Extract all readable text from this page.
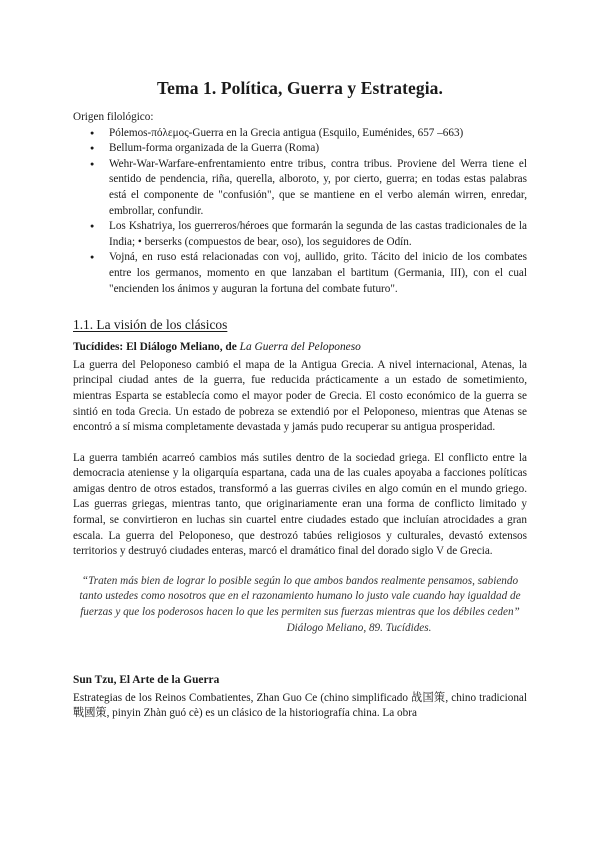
Tema 1. Política, Guerra y Estrategia.

Origen filológico:

● Pólemos-πόλεμος-Guerra en la Grecia antigua (Esquilo, Euménides, 657 –663)
● Bellum-forma organizada de la Guerra (Roma)
● Wehr-War-Warfare-enfrentamiento entre tribus, contra tribus. Proviene del Werra tiene el sentido de pendencia, riña, querella, alboroto, y, por cierto, guerra; en todas estas palabras está el componente de "confusión", que se mantiene en el verbo alemán wirren, enredar, embrollar, confundir.
● Los Kshatriya, los guerreros/héroes que formarán la segunda de las castas tradicionales de la India; • berserks (compuestos de bear, oso), los seguidores de Odín.
● Vojná, en ruso está relacionadas con voj, aullido, grito. Tácito del inicio de los combates entre los germanos, momento en que lanzaban el bartitum (Germania, III), con el cual "encienden los ánimos y auguran la fortuna del combate futuro".
1.1. La visión de los clásicos

Tucídides: El Diálogo Meliano, de La Guerra del Peloponeso

La guerra del Peloponeso cambió el mapa de la Antigua Grecia. A nivel internacional, Atenas, la principal ciudad antes de la guerra, fue reducida prácticamente a un estado de sometimiento, mientras Esparta se establecía como el mayor poder de Grecia. El costo económico de la guerra se sintió en toda Grecia. Un estado de pobreza se extendió por el Peloponeso, mientras que Atenas se encontró a sí misma completamente devastada y jamás pudo recuperar su antigua prosperidad.

La guerra también acarreó cambios más sutiles dentro de la sociedad griega. El conflicto entre la democracia ateniense y la oligarquía espartana, cada una de las cuales apoyaba a facciones políticas amigas dentro de otros estados, transformó a las guerras civiles en algo común en el mundo griego. Las guerras griegas, mientras tanto, que originariamente eran una forma de conflicto limitado y formal, se convirtieron en luchas sin cuartel entre ciudades estado que incluían atrocidades a gran escala. La guerra del Peloponeso, que destrozó tabúes religiosos y culturales, devastó extensos territorios y destruyó ciudades enteras, marcó el dramático final del dorado siglo V de Grecia.

“Traten más bien de lograr lo posible según lo que ambos bandos realmente pensamos, sabiendo tanto ustedes como nosotros que en el razonamiento humano lo justo vale cuando hay igualdad de fuerzas y que los poderosos hacen lo que les permiten sus fuerzas mientras que los débiles ceden”

Diálogo Meliano, 89. Tucídides.

Sun Tzu, El Arte de la Guerra

Estrategias de los Reinos Combatientes, Zhan Guo Ce (chino simplificado 战国策, chino tradicional 戰國策, pinyin Zhàn guó cè) es un clásico de la historiografía china. La obra
